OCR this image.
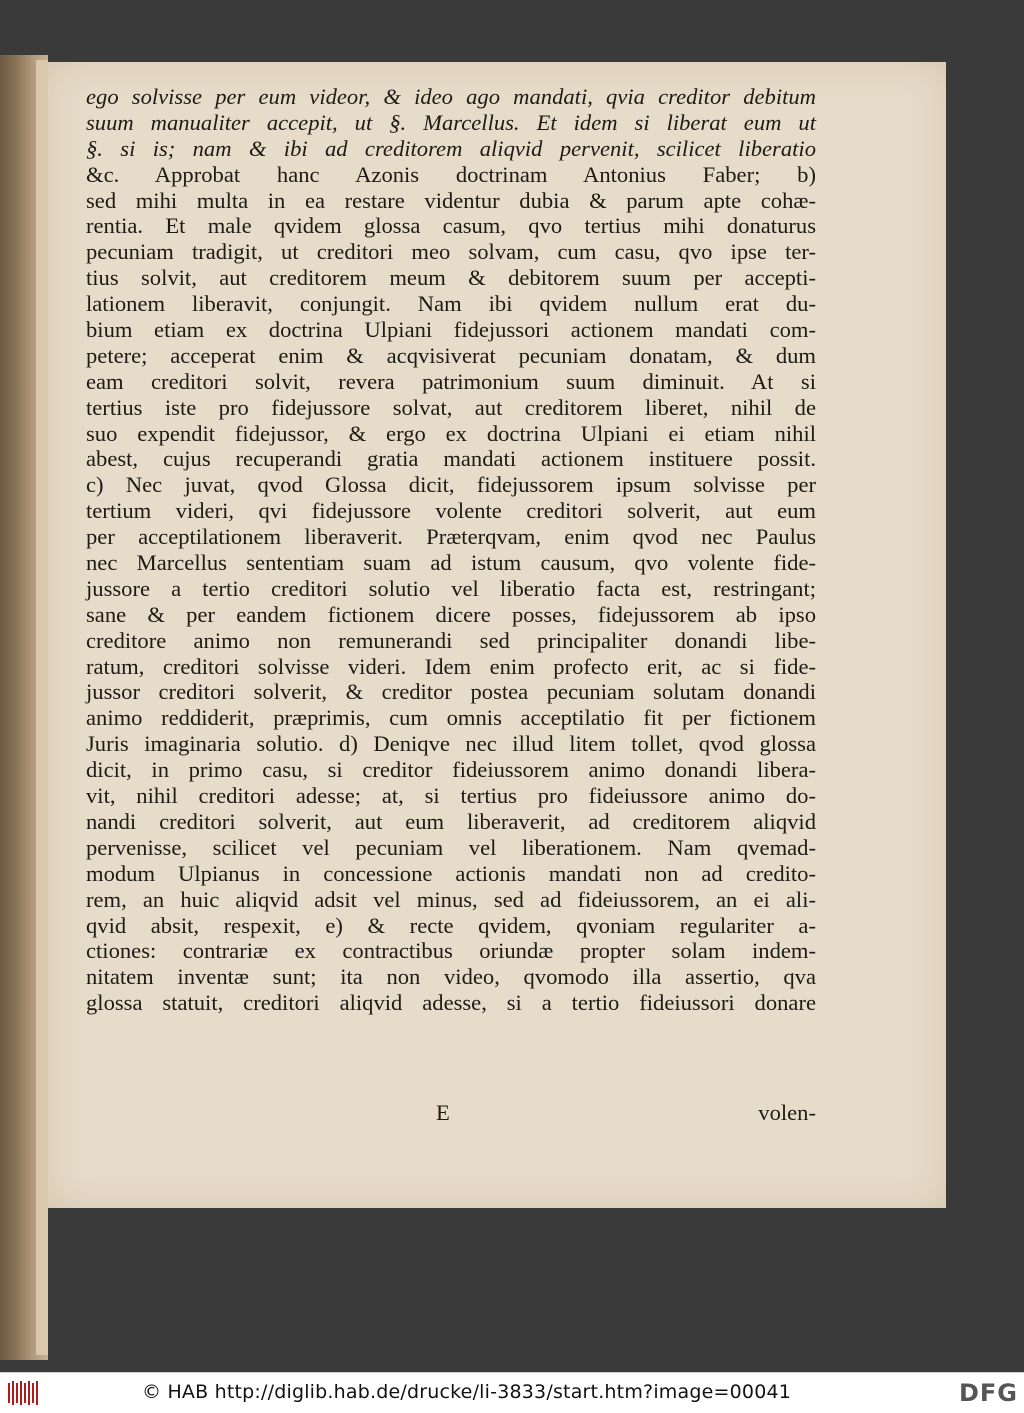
ego solvisse per eum videor, & ideo ago mandati, qvia creditor debitum
suum manualiter accepit, ut §. Marcellus. Et idem si liberat eum ut
§. si is; nam & ibi ad creditorem aliqvid pervenit, scilicet liberatio
&c. Approbat hanc Azonis doctrinam Antonius Faber; b)
sed mihi multa in ea restare videntur dubia & parum apte cohæ-
rentia. Et male qvidem glossa casum, qvo tertius mihi donaturus
pecuniam tradigit, ut creditori meo solvam, cum casu, qvo ipse ter-
tius solvit, aut creditorem meum & debitorem suum per accepti-
lationem liberavit, conjungit. Nam ibi qvidem nullum erat du-
bium etiam ex doctrina Ulpiani fidejussori actionem mandati com-
petere; acceperat enim & acqvisiverat pecuniam donatam, & dum
eam creditori solvit, revera patrimonium suum diminuit. At si
tertius iste pro fidejussore solvat, aut creditorem liberet, nihil de
suo expendit fidejussor, & ergo ex doctrina Ulpiani ei etiam nihil
abest, cujus recuperandi gratia mandati actionem instituere possit.
c) Nec juvat, qvod Glossa dicit, fidejussorem ipsum solvisse per
tertium videri, qvi fidejussore volente creditori solverit, aut eum
per acceptilationem liberaverit. Præterqvam, enim qvod nec Paulus
nec Marcellus sententiam suam ad istum causum, qvo volente fide-
jussore a tertio creditori solutio vel liberatio facta est, restringant;
sane & per eandem fictionem dicere posses, fidejussorem ab ipso
creditore animo non remunerandi sed principaliter donandi libe-
ratum, creditori solvisse videri. Idem enim profecto erit, ac si fide-
jussor creditori solverit, & creditor postea pecuniam solutam donandi
animo reddiderit, præprimis, cum omnis acceptilatio fit per fictionem
Juris imaginaria solutio. d) Deniqve nec illud litem tollet, qvod glossa
dicit, in primo casu, si creditor fideiussorem animo donandi libera-
vit, nihil creditori adesse; at, si tertius pro fideiussore animo do-
nandi creditori solverit, aut eum liberaverit, ad creditorem aliqvid
pervenisse, scilicet vel pecuniam vel liberationem. Nam qvemad-
modum Ulpianus in concessione actionis mandati non ad credito-
rem, an huic aliqvid adsit vel minus, sed ad fideiussorem, an ei ali-
qvid absit, respexit, e) & recte qvidem, qvoniam regulariter a-
ctiones: contrariæ ex contractibus oriundæ propter solam indem-
nitatem inventæ sunt; ita non video, qvomodo illa assertio, qva
glossa statuit, creditori aliqvid adesse, si a tertio fideiussori donare
E	volen-
© HAB http://diglib.hab.de/drucke/li-3833/start.htm?image=00041	DFG
